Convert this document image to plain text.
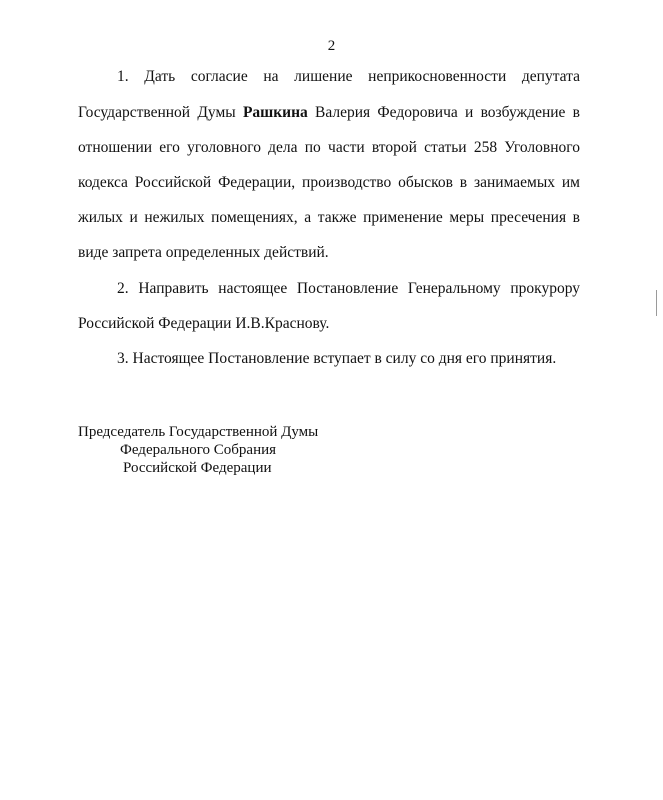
2
1. Дать согласие на лишение неприкосновенности депутата
Государственной Думы Рашкина Валерия Федоровича и возбуждение в
отношении его уголовного дела по части второй статьи 258 Уголовного
кодекса Российской Федерации, производство обысков в занимаемых им
жилых и нежилых помещениях, а также применение меры пресечения в
виде запрета определенных действий.
2. Направить настоящее Постановление Генеральному прокурору
Российской Федерации И.В.Краснову.
3. Настоящее Постановление вступает в силу со дня его принятия.
Председатель Государственной Думы
Федерального Собрания
Российской Федерации
